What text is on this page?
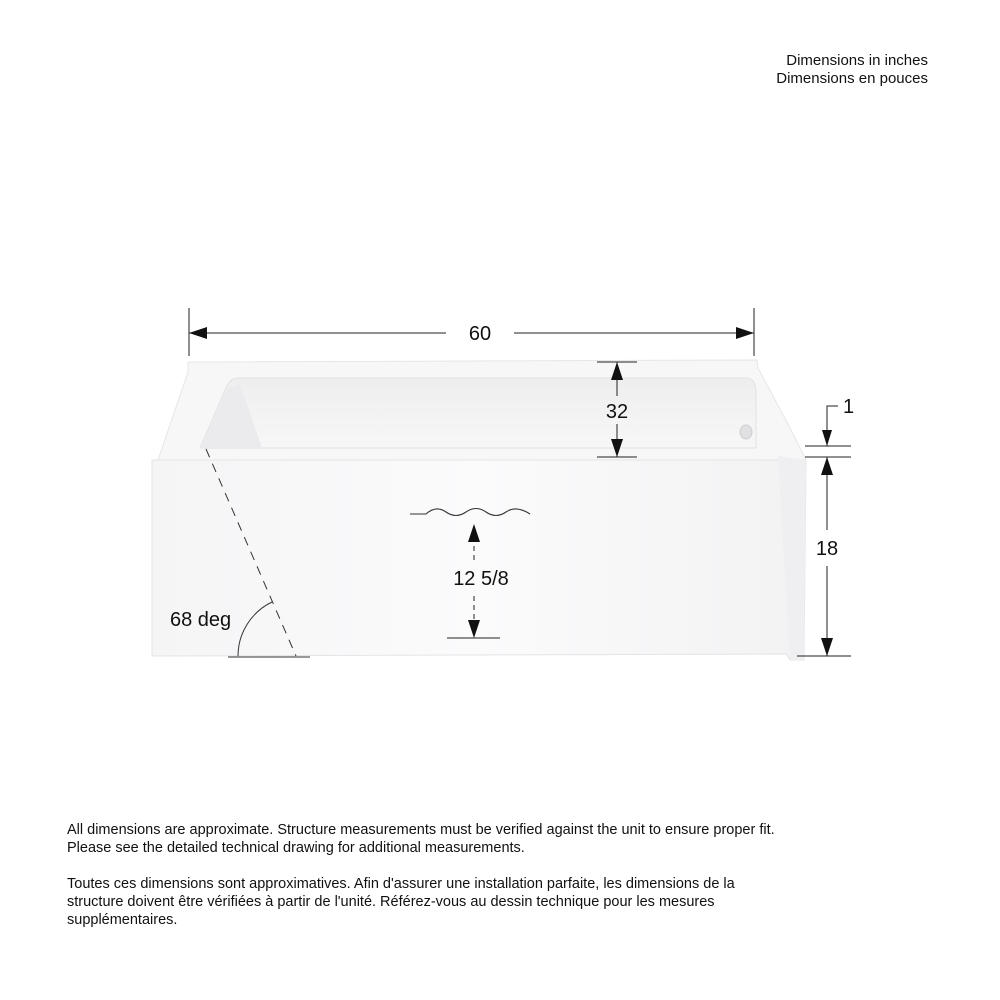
Dimensions in inches
Dimensions en pouces
60
32	1
18
12 5/8
68 deg

All dimensions are approximate. Structure measurements must be verified against the unit to ensure proper fit. Please see the detailed technical drawing for additional measurements.

Toutes ces dimensions sont approximatives. Afin d'assurer une installation parfaite, les dimensions de la structure doivent être vérifiées à partir de l'unité. Référez-vous au dessin technique pour les mesures supplémentaires.
